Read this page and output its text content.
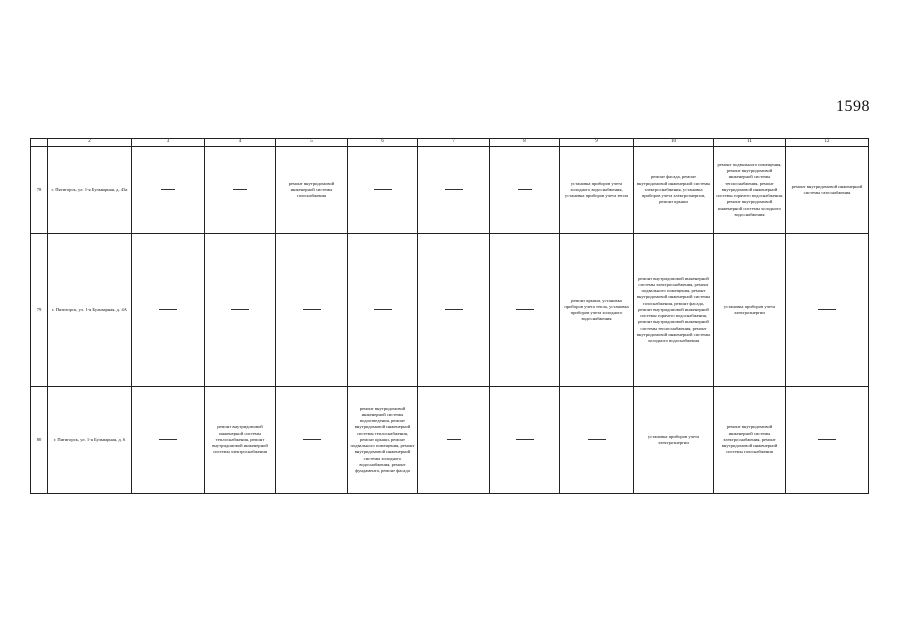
1598
	2	3	4	5	6	7	8	9	10	11	12
78	г. Пятигорск, ул. 1-я Бульварная, д. 43а			ремонт внутридомовой инженерной системы газоснабжения				установка приборов учета холодного водоснабжения, установка приборов учета тепла	ремонт фасада, ремонт внутридомовой инженерной системы электроснабжения, установка приборов учета электроэнергии, ремонт крыши	ремонт подвального помещения, ремонт внутридомовой инженерной системы теплоснабжения, ремонт внутридомовой инженерной системы горячего водоснабжения, ремонт внутридомовой инженерной системы холодного водоснабжения	ремонт внутридомовой инженерной системы газоснабжения
79	г. Пятигорск, ул. 1-я Бульварная, д. 4А							ремонт крыши, установка приборов учета тепла, установка приборов учета холодного водоснабжения	ремонт внутридомовой инженерной системы электроснабжения, ремонт подвального помещения, ремонт внутридомовой инженерной системы газоснабжения, ремонт фасада, ремонт внутридомовой инженерной системы горячего водоснабжения, ремонт внутридомовой инженерной системы теплоснабжения, ремонт внутридомовой инженерной системы холодного водоснабжения	установка приборов учета электроэнергии	
80	г. Пятигорск, ул. 1-я Бульварная, д. 6		ремонт внутридомовой инженерной системы теплоснабжения, ремонт внутридомовой инженерной системы электроснабжения		ремонт внутридомовой инженерной системы водоотведения, ремонт внутридомовой инженерной системы теплоснабжения, ремонт крыши, ремонт подвального помещения, ремонт внутридомовой инженерной системы холодного водоснабжения, ремонт фундамента, ремонт фасада				установка приборов учета электроэнергии	ремонт внутридомовой инженерной системы электроснабжения, ремонт внутридомовой инженерной системы газоснабжения	
